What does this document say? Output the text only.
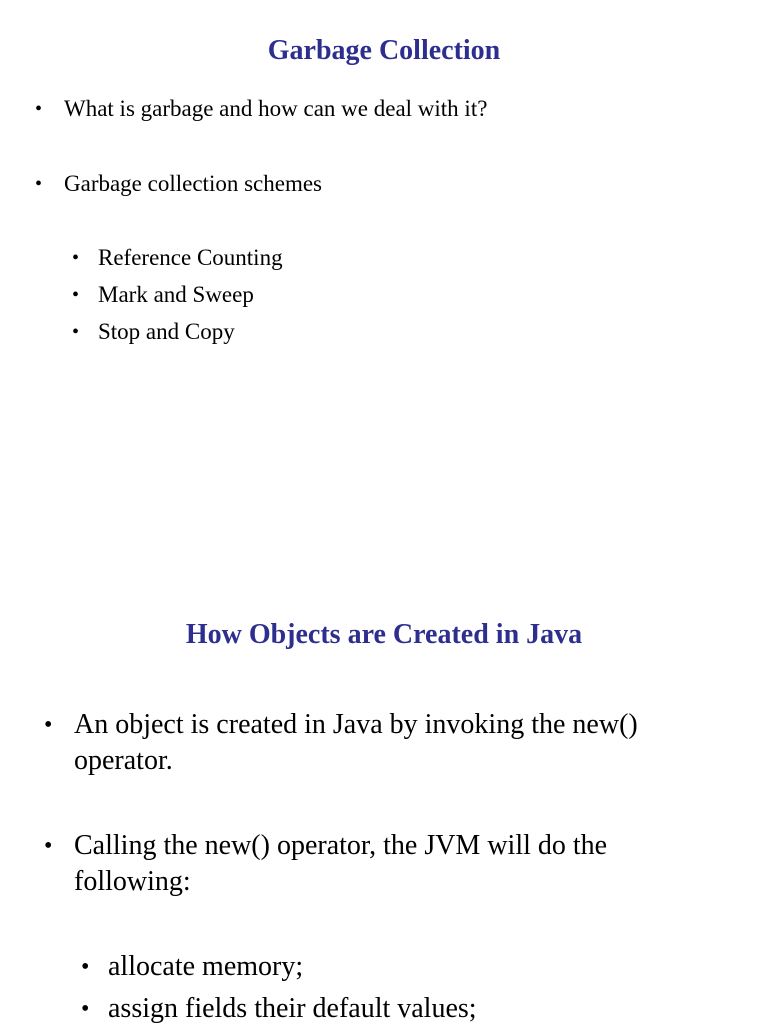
Garbage Collection
• What is garbage and how can we deal with it?
• Garbage collection schemes
• Reference Counting
• Mark and Sweep
• Stop and Copy
How Objects are Created in Java
• An object is created in Java by invoking the new() operator.
• Calling the new() operator, the JVM will do the following:
• allocate memory;
• assign fields their default values;
